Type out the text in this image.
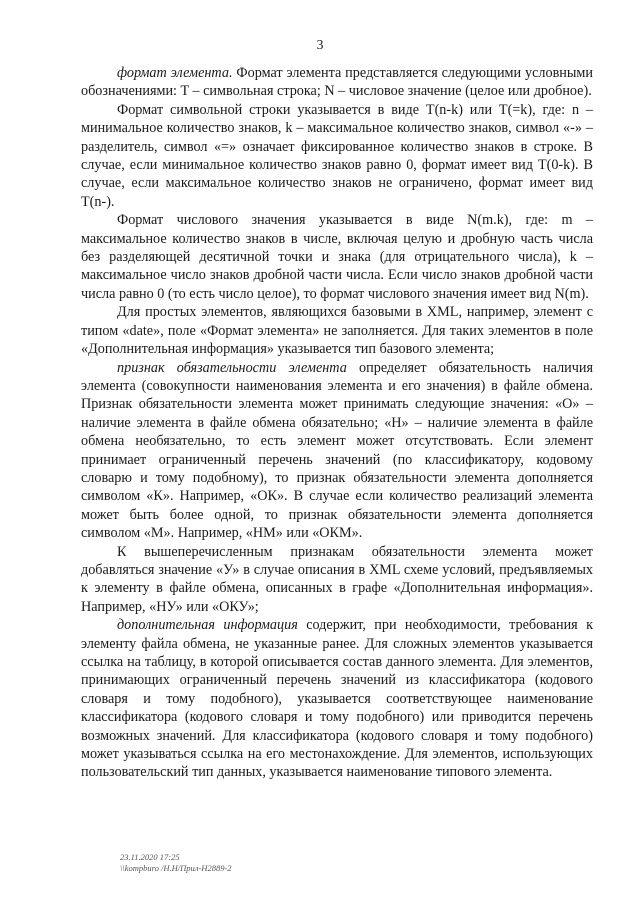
3

формат элемента. Формат элемента представляется следующими условными обозначениями: T – символьная строка; N – числовое значение (целое или дробное).

Формат символьной строки указывается в виде T(n-k) или T(=k), где: n – минимальное количество знаков, k – максимальное количество знаков, символ «-» – разделитель, символ «=» означает фиксированное количество знаков в строке. В случае, если минимальное количество знаков равно 0, формат имеет вид T(0-k). В случае, если максимальное количество знаков не ограничено, формат имеет вид T(n-).

Формат числового значения указывается в виде N(m.k), где: m – максимальное количество знаков в числе, включая целую и дробную часть числа без разделяющей десятичной точки и знака (для отрицательного числа), k – максимальное число знаков дробной части числа. Если число знаков дробной части числа равно 0 (то есть число целое), то формат числового значения имеет вид N(m).

Для простых элементов, являющихся базовыми в XML, например, элемент с типом «date», поле «Формат элемента» не заполняется. Для таких элементов в поле «Дополнительная информация» указывается тип базового элемента;

признак обязательности элемента определяет обязательность наличия элемента (совокупности наименования элемента и его значения) в файле обмена. Признак обязательности элемента может принимать следующие значения: «О» – наличие элемента в файле обмена обязательно; «Н» – наличие элемента в файле обмена необязательно, то есть элемент может отсутствовать. Если элемент принимает ограниченный перечень значений (по классификатору, кодовому словарю и тому подобному), то признак обязательности элемента дополняется символом «К». Например, «ОК». В случае если количество реализаций элемента может быть более одной, то признак обязательности элемента дополняется символом «М». Например, «НМ» или «ОКМ».

К вышеперечисленным признакам обязательности элемента может добавляться значение «У» в случае описания в XML схеме условий, предъявляемых к элементу в файле обмена, описанных в графе «Дополнительная информация». Например, «НУ» или «ОКУ»;

дополнительная информация содержит, при необходимости, требования к элементу файла обмена, не указанные ранее. Для сложных элементов указывается ссылка на таблицу, в которой описывается состав данного элемента. Для элементов, принимающих ограниченный перечень значений из классификатора (кодового словаря и тому подобного), указывается соответствующее наименование классификатора (кодового словаря и тому подобного) или приводится перечень возможных значений. Для классификатора (кодового словаря и тому подобного) может указываться ссылка на его местонахождение. Для элементов, использующих пользовательский тип данных, указывается наименование типового элемента.

23.11.2020 17:25
\\kompburo /Н.Н/Прил-Н2889-2
